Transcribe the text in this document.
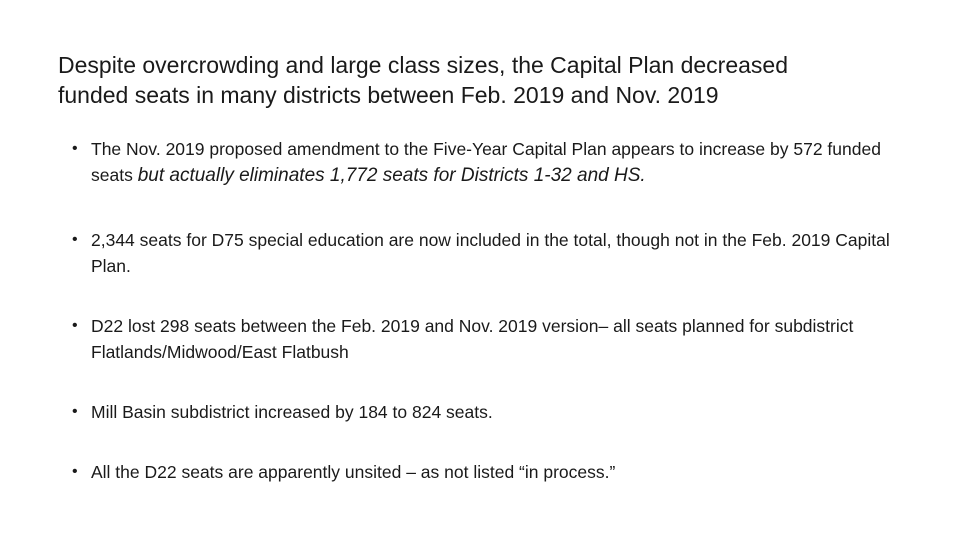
Despite overcrowding and large class sizes, the Capital Plan decreased
funded seats in many districts between Feb. 2019 and Nov. 2019
• The Nov. 2019 proposed amendment to the Five-Year Capital Plan appears to increase by 572 funded seats but actually eliminates 1,772 seats for Districts 1-32 and HS.
• 2,344 seats for D75 special education are now included in the total, though not in the Feb. 2019 Capital Plan.
• D22 lost 298 seats between the Feb. 2019 and Nov. 2019 version– all seats planned for subdistrict Flatlands/Midwood/East Flatbush
• Mill Basin subdistrict increased by 184 to 824 seats.
• All the D22 seats are apparently unsited – as not listed “in process.”
